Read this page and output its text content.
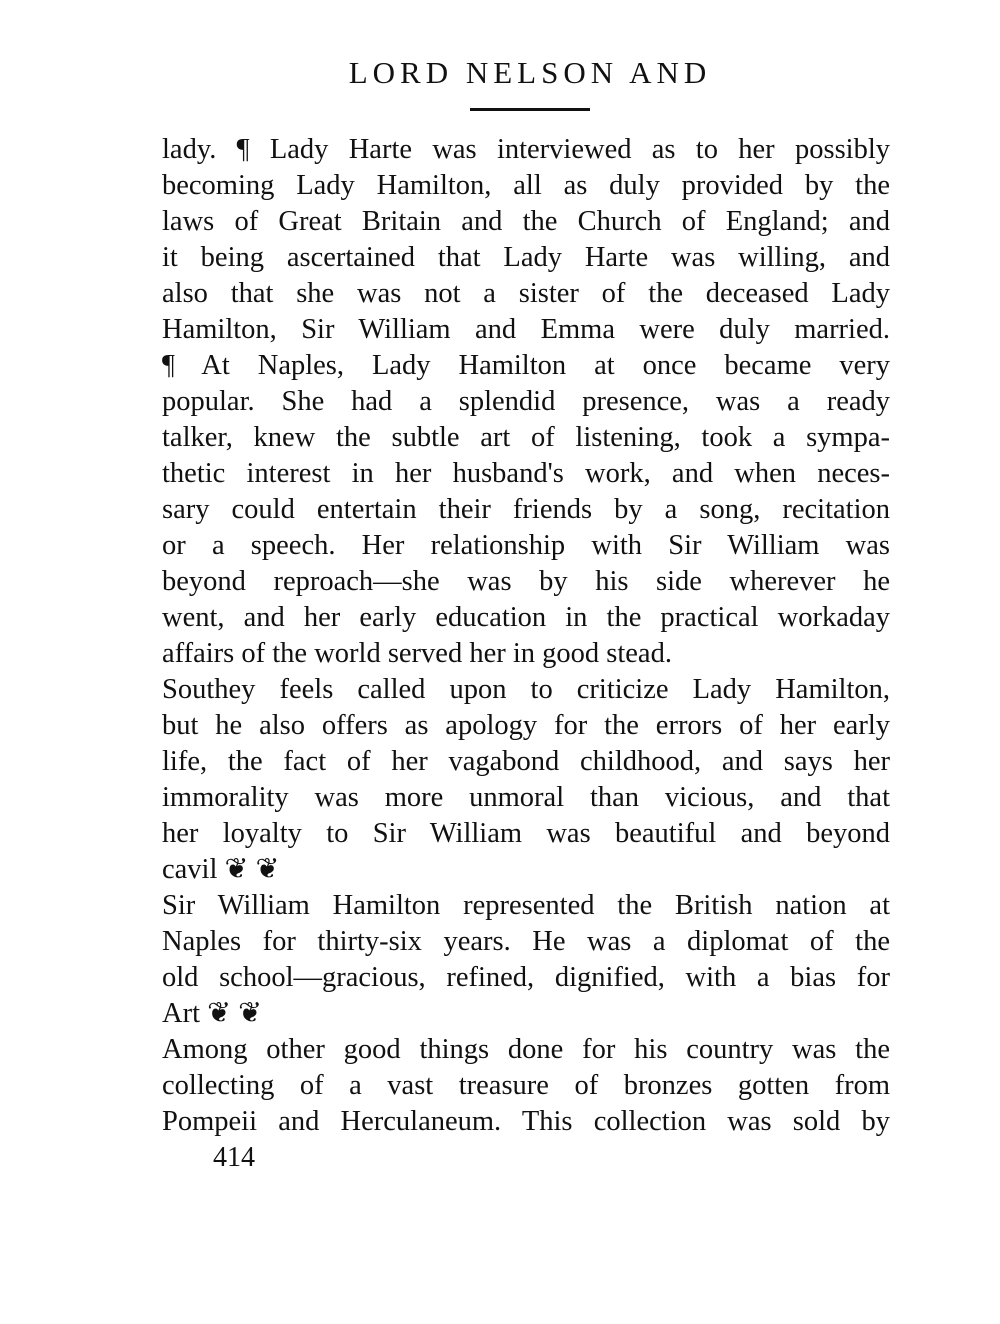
LORD NELSON AND
lady. ¶ Lady Harte was interviewed as to her possibly
becoming Lady Hamilton, all as duly provided by the
laws of Great Britain and the Church of England; and
it being ascertained that Lady Harte was willing, and
also that she was not a sister of the deceased Lady
Hamilton, Sir William and Emma were duly married.
¶ At Naples, Lady Hamilton at once became very
popular. She had a splendid presence, was a ready
talker, knew the subtle art of listening, took a sympa-
thetic interest in her husband's work, and when neces-
sary could entertain their friends by a song, recitation
or a speech. Her relationship with Sir William was
beyond reproach—she was by his side wherever he
went, and her early education in the practical workaday
affairs of the world served her in good stead.
Southey feels called upon to criticize Lady Hamilton,
but he also offers as apology for the errors of her early
life, the fact of her vagabond childhood, and says her
immorality was more unmoral than vicious, and that
her loyalty to Sir William was beautiful and beyond
cavil ❦ ❦
Sir William Hamilton represented the British nation at
Naples for thirty-six years. He was a diplomat of the
old school—gracious, refined, dignified, with a bias for
Art ❦ ❦
Among other good things done for his country was the
collecting of a vast treasure of bronzes gotten from
Pompeii and Herculaneum. This collection was sold by
414
